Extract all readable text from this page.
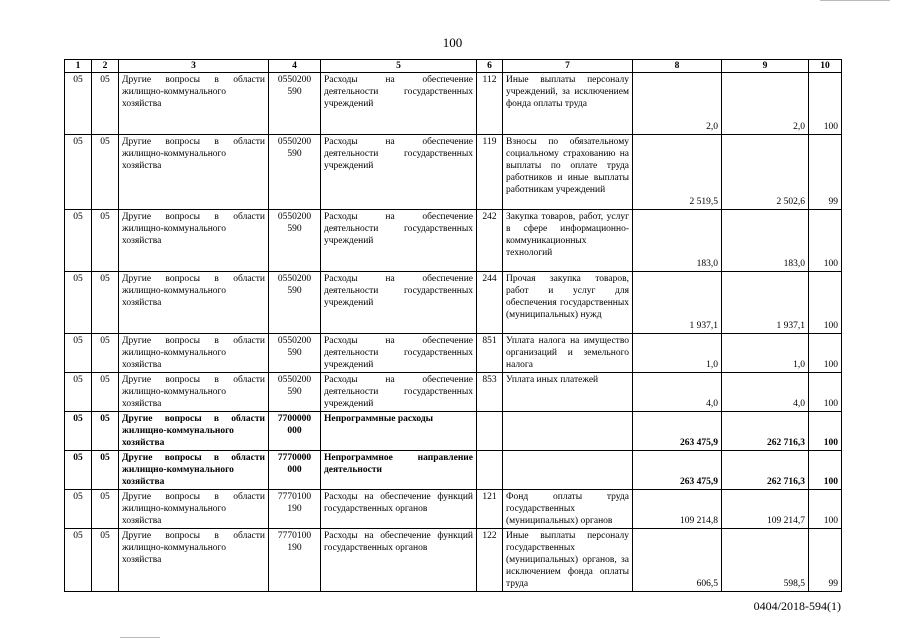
100
1	2	3	4	5	6	7	8	9	10
05	05	Другие вопросы в области жилищно-коммунального хозяйства	0550200 590	Расходы на обеспечение деятельности государственных учреждений	112	Иные выплаты персоналу учреждений, за исключением фонда оплаты труда	2,0	2,0	100
05	05	Другие вопросы в области жилищно-коммунального хозяйства	0550200 590	Расходы на обеспечение деятельности государственных учреждений	119	Взносы по обязательному социальному страхованию на выплаты по оплате труда работников и иные выплаты работникам учреждений	2 519,5	2 502,6	99
05	05	Другие вопросы в области жилищно-коммунального хозяйства	0550200 590	Расходы на обеспечение деятельности государственных учреждений	242	Закупка товаров, работ, услуг в сфере информационно-коммуникационных технологий	183,0	183,0	100
05	05	Другие вопросы в области жилищно-коммунального хозяйства	0550200 590	Расходы на обеспечение деятельности государственных учреждений	244	Прочая закупка товаров, работ и услуг для обеспечения государственных (муниципальных) нужд	1 937,1	1 937,1	100
05	05	Другие вопросы в области жилищно-коммунального хозяйства	0550200 590	Расходы на обеспечение деятельности государственных учреждений	851	Уплата налога на имущество организаций и земельного налога	1,0	1,0	100
05	05	Другие вопросы в области жилищно-коммунального хозяйства	0550200 590	Расходы на обеспечение деятельности государственных учреждений	853	Уплата иных платежей	4,0	4,0	100
05	05	Другие вопросы в области жилищно-коммунального хозяйства	7700000 000	Непрограммные расходы			263 475,9	262 716,3	100
05	05	Другие вопросы в области жилищно-коммунального хозяйства	7770000 000	Непрограммное направление деятельности			263 475,9	262 716,3	100
05	05	Другие вопросы в области жилищно-коммунального хозяйства	7770100 190	Расходы на обеспечение функций государственных органов	121	Фонд оплаты труда государственных (муниципальных) органов	109 214,8	109 214,7	100
05	05	Другие вопросы в области жилищно-коммунального хозяйства	7770100 190	Расходы на обеспечение функций государственных органов	122	Иные выплаты персоналу государственных (муниципальных) органов, за исключением фонда оплаты труда	606,5	598,5	99
0404/2018-594(1)
